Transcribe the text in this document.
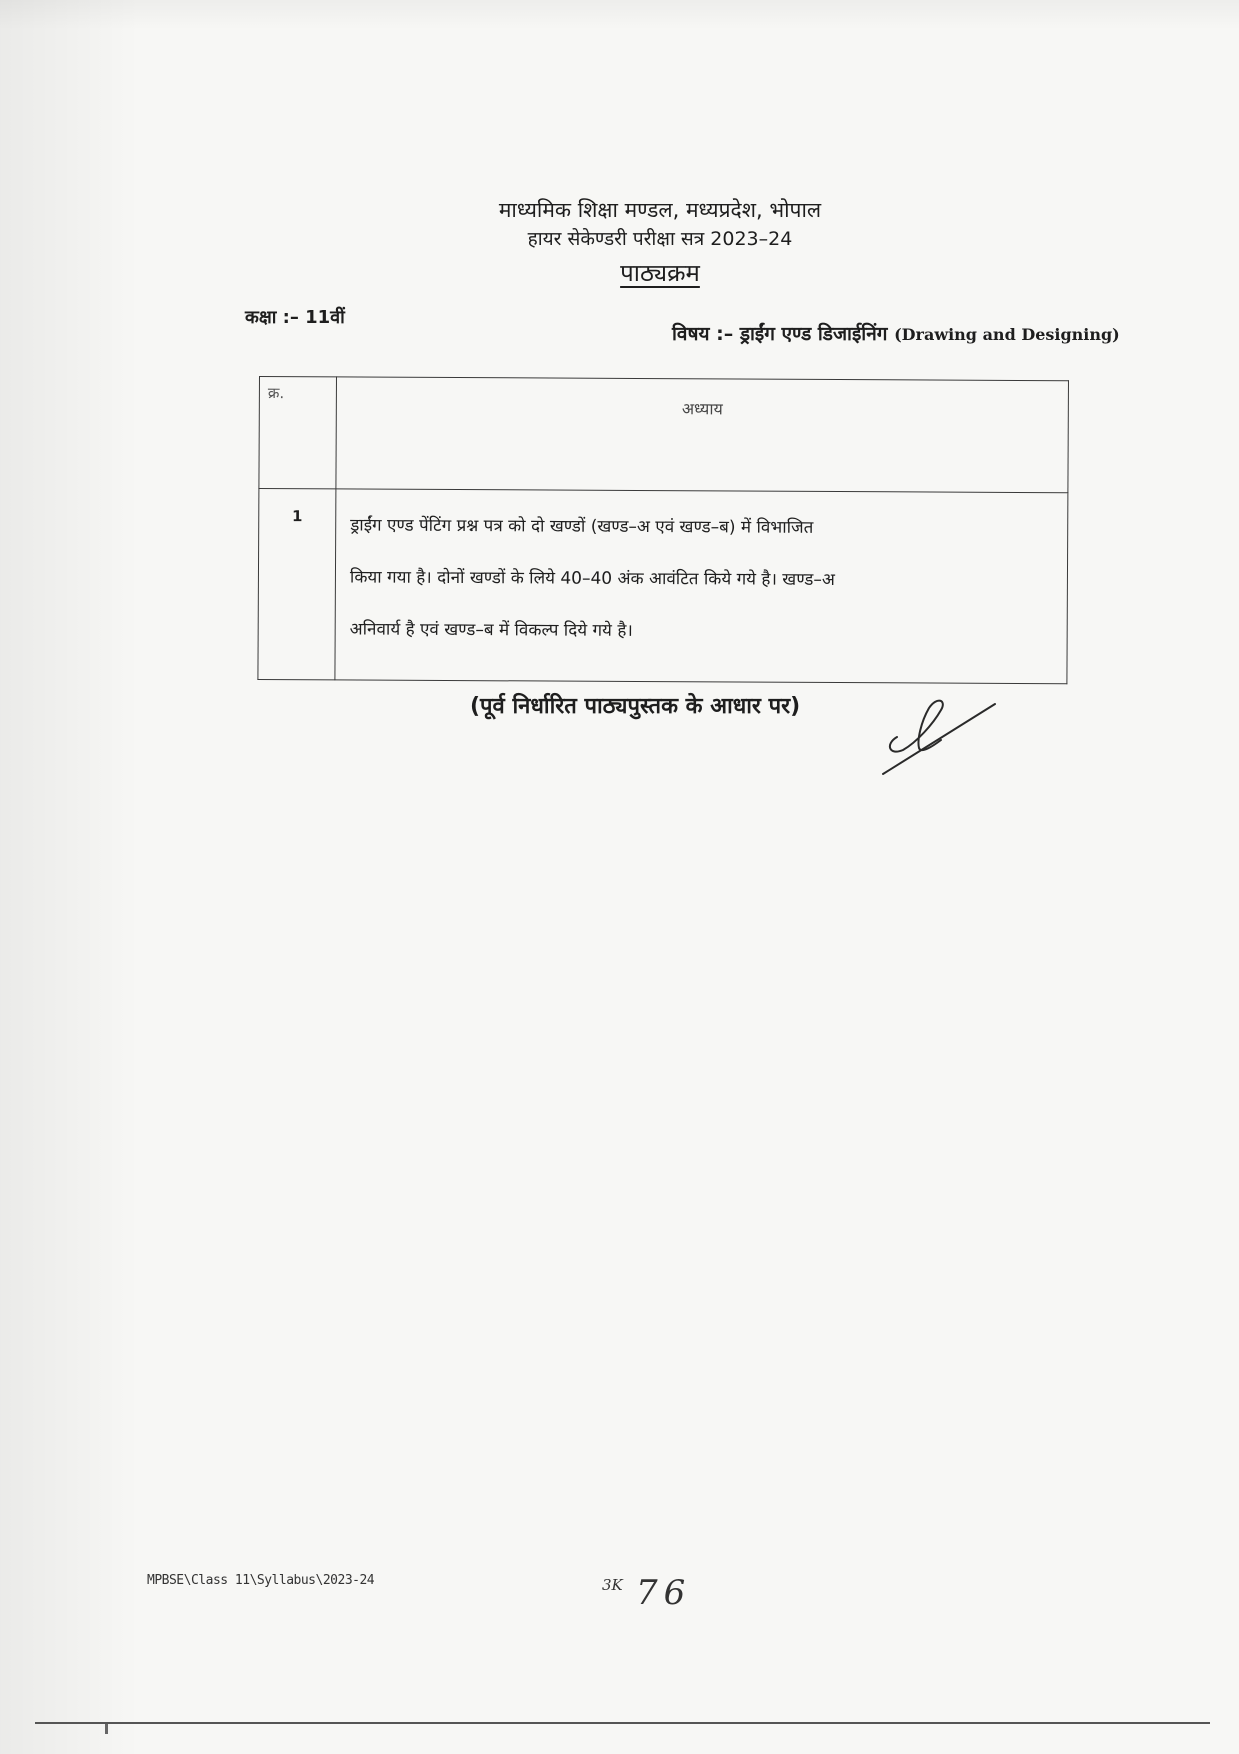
माध्यमिक शिक्षा मण्डल, मध्यप्रदेश, भोपाल
हायर सेकेण्डरी परीक्षा सत्र 2023–24
पाठ्यक्रम
कक्षा :– 11वीं
विषय :– ड्राईंग एण्ड डिजाईनिंग (Drawing and Designing)
क्र.	अध्याय
1	ड्राईंग एण्ड पेंटिंग प्रश्न पत्र को दो खण्डों (खण्ड–अ एवं खण्ड–ब) में विभाजित
किया गया है। दोनों खण्डों के लिये 40–40 अंक आवंटित किये गये है। खण्ड–अ
अनिवार्य है एवं खण्ड–ब में विकल्प दिये गये है।
(पूर्व निर्धारित पाठ्यपुस्तक के आधार पर)
MPBSE\Class 11\Syllabus\2023-24	3K 76
